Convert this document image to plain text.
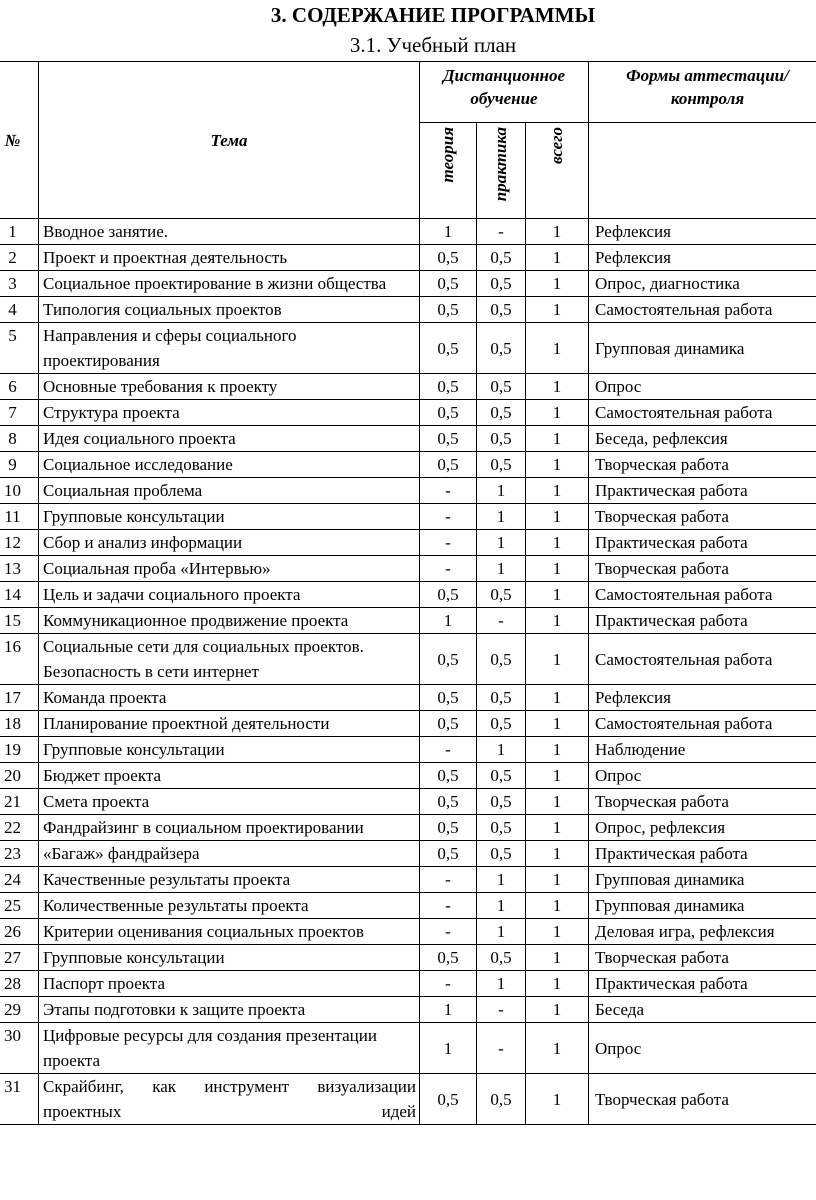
3. СОДЕРЖАНИЕ ПРОГРАММЫ
3.1. Учебный план
№	Тема	Дистанционное обучение			Формы аттестации/ контроля

		теория	практика	всего	

1	Вводное занятие.	1	-	1	Рефлексия
2	Проект и проектная деятельность	0,5	0,5	1	Рефлексия
3	Социальное проектирование в жизни общества	0,5	0,5	1	Опрос, диагностика
4	Типология социальных проектов	0,5	0,5	1	Самостоятельная работа
5	Направления и сферы социального проектирования	0,5	0,5	1	Групповая динамика
6	Основные требования к проекту	0,5	0,5	1	Опрос
7	Структура проекта	0,5	0,5	1	Самостоятельная работа
8	Идея социального проекта	0,5	0,5	1	Беседа, рефлексия
9	Социальное исследование	0,5	0,5	1	Творческая работа
10	Социальная проблема	-	1	1	Практическая работа
11	Групповые консультации	-	1	1	Творческая работа
12	Сбор и анализ информации	-	1	1	Практическая работа
13	Социальная проба «Интервью»	-	1	1	Творческая работа
14	Цель и задачи социального проекта	0,5	0,5	1	Самостоятельная работа
15	Коммуникационное продвижение проекта	1	-	1	Практическая работа
16	Социальные сети для социальных проектов. Безопасность в сети интернет	0,5	0,5	1	Самостоятельная работа
17	Команда проекта	0,5	0,5	1	Рефлексия
18	Планирование проектной деятельности	0,5	0,5	1	Самостоятельная работа
19	Групповые консультации	-	1	1	Наблюдение
20	Бюджет проекта	0,5	0,5	1	Опрос
21	Смета проекта	0,5	0,5	1	Творческая работа
22	Фандрайзинг в социальном проектировании	0,5	0,5	1	Опрос, рефлексия
23	«Багаж» фандрайзера	0,5	0,5	1	Практическая работа
24	Качественные результаты проекта	-	1	1	Групповая динамика
25	Количественные результаты проекта	-	1	1	Групповая динамика
26	Критерии оценивания социальных проектов	-	1	1	Деловая игра, рефлексия
27	Групповые консультации	0,5	0,5	1	Творческая работа
28	Паспорт проекта	-	1	1	Практическая работа
29	Этапы подготовки к защите проекта	1	-	1	Беседа
30	Цифровые ресурсы для создания презентации проекта	1	-	1	Опрос
31	Скрайбинг, как инструмент визуализации проектных идей	0,5	0,5	1	Творческая работа
